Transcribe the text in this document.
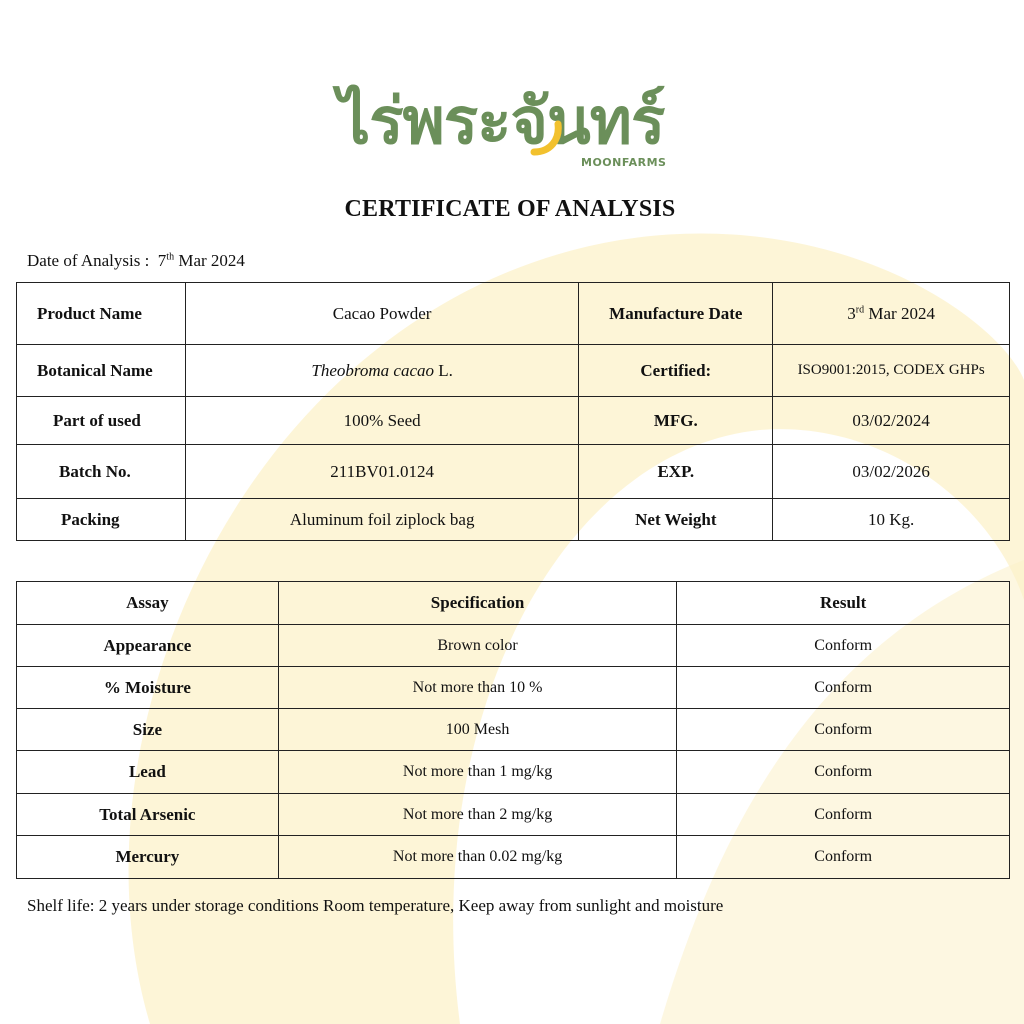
ไร่พระจันทร์
MOONFARMS
CERTIFICATE OF ANALYSIS
Date of Analysis : 7th Mar 2024
Product Name	Cacao Powder	Manufacture Date	3rd Mar 2024
Botanical Name	Theobroma cacao L.	Certified:	ISO9001:2015, CODEX GHPs
Part of used	100% Seed	MFG.	03/02/2024
Batch No.	211BV01.0124	EXP.	03/02/2026
Packing	Aluminum foil ziplock bag	Net Weight	10 Kg.
Assay	Specification	Result
Appearance	Brown color	Conform
% Moisture	Not more than 10 %	Conform
Size	100 Mesh	Conform
Lead	Not more than 1 mg/kg	Conform
Total Arsenic	Not more than 2 mg/kg	Conform
Mercury	Not more than 0.02 mg/kg	Conform
Shelf life: 2 years under storage conditions Room temperature, Keep away from sunlight and moisture
